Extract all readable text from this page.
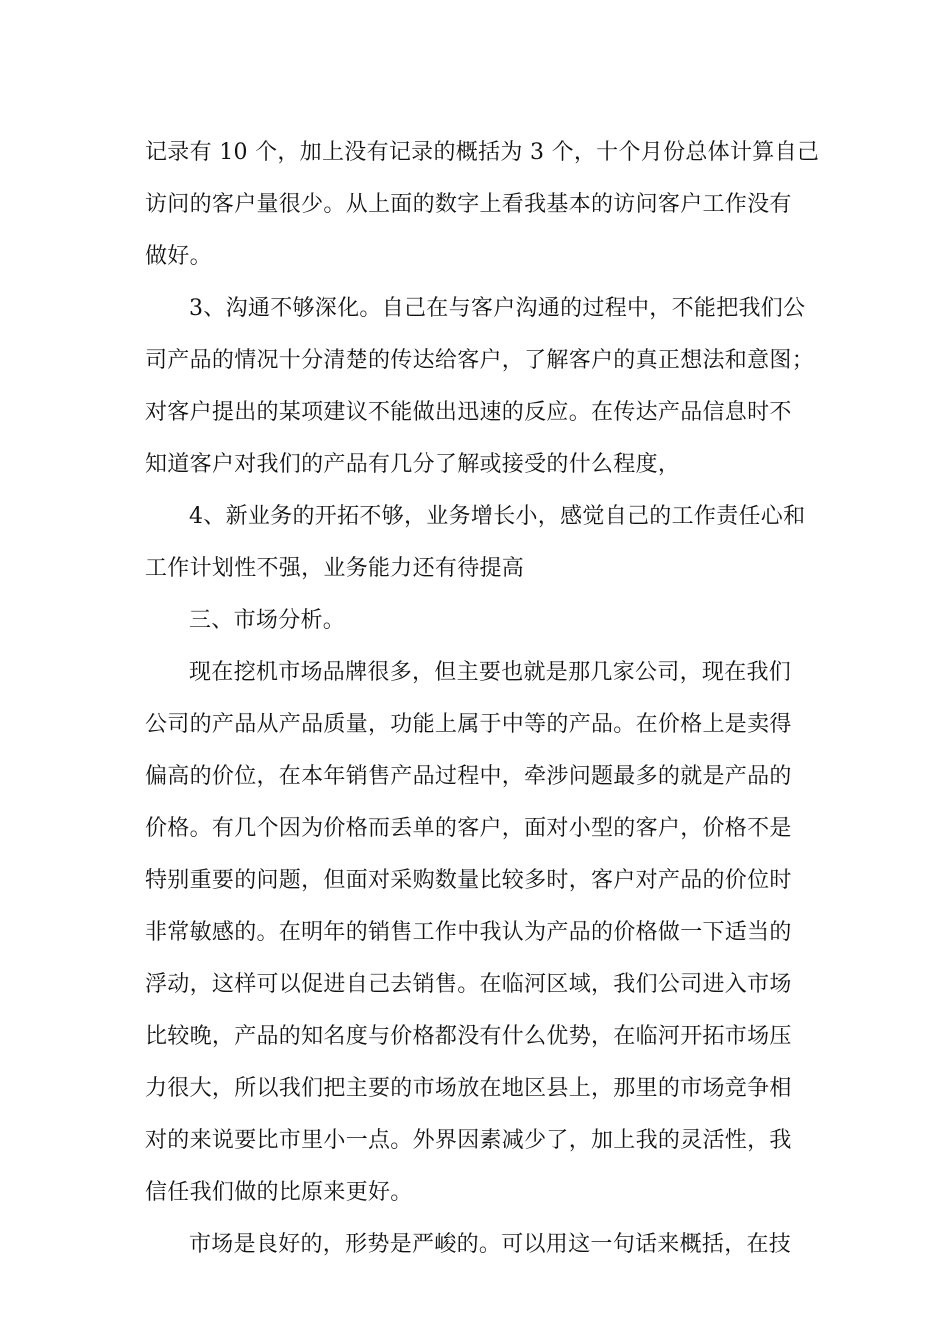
记录有 10 个，加上没有记录的概括为 3 个，十个月份总体计算自己
访问的客户量很少。从上面的数字上看我基本的访问客户工作没有
做好。
3、沟通不够深化。自己在与客户沟通的过程中，不能把我们公
司产品的情况十分清楚的传达给客户，了解客户的真正想法和意图；
对客户提出的某项建议不能做出迅速的反应。在传达产品信息时不
知道客户对我们的产品有几分了解或接受的什么程度，
4、新业务的开拓不够，业务增长小，感觉自己的工作责任心和
工作计划性不强，业务能力还有待提高
三、市场分析。
现在挖机市场品牌很多，但主要也就是那几家公司，现在我们
公司的产品从产品质量，功能上属于中等的产品。在价格上是卖得
偏高的价位，在本年销售产品过程中，牵涉问题最多的就是产品的
价格。有几个因为价格而丢单的客户，面对小型的客户，价格不是
特别重要的问题，但面对采购数量比较多时，客户对产品的价位时
非常敏感的。在明年的销售工作中我认为产品的价格做一下适当的
浮动，这样可以促进自己去销售。在临河区域，我们公司进入市场
比较晚，产品的知名度与价格都没有什么优势，在临河开拓市场压
力很大，所以我们把主要的市场放在地区县上，那里的市场竞争相
对的来说要比市里小一点。外界因素减少了，加上我的灵活性，我
信任我们做的比原来更好。
市场是良好的，形势是严峻的。可以用这一句话来概括，在技
